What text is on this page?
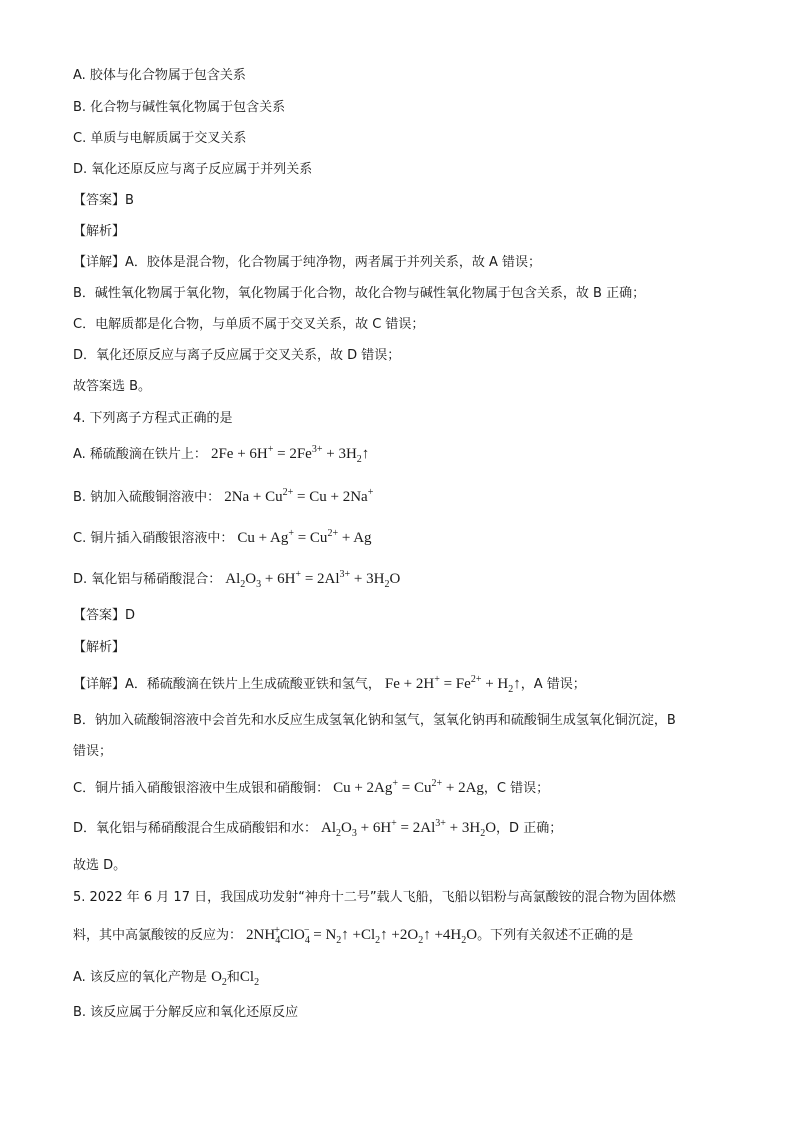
A. 胶体与化合物属于包含关系
B. 化合物与碱性氧化物属于包含关系
C. 单质与电解质属于交叉关系
D. 氧化还原反应与离子反应属于并列关系
【答案】B
【解析】
【详解】A．胶体是混合物，化合物属于纯净物，两者属于并列关系，故 A 错误；
B．碱性氧化物属于氧化物，氧化物属于化合物，故化合物与碱性氧化物属于包含关系，故 B 正确；
C．电解质都是化合物，与单质不属于交叉关系，故 C 错误；
D．氧化还原反应与离子反应属于交叉关系，故 D 错误；
故答案选 B。
4. 下列离子方程式正确的是
A. 稀硫酸滴在铁片上： $2Fe + 6H^+ = 2Fe^{3+}$ + $3H_2↑$
B. 钠加入硫酸铜溶液中： $2Na + Cu^{2+} = Cu + 2Na^+$
C. 铜片插入硝酸银溶液中： $Cu + Ag^+ = Cu^{2+} + Ag$
D. 氧化铝与稀硝酸混合： $Al_2O_3 + 6H^+ = 2Al^{3+} + 3H_2O$
【答案】D
【解析】
【详解】A．稀硫酸滴在铁片上生成硫酸亚铁和氢气， $Fe + 2H^+ = Fe^{2+}$ + $H_2↑$，A 错误；
B．钠加入硫酸铜溶液中会首先和水反应生成氢氧化钠和氢气，氢氧化钠再和硫酸铜生成氢氧化铜沉淀，B
错误；
C．铜片插入硝酸银溶液中生成银和硝酸铜： $Cu + 2Ag^+ = Cu^{2+} + 2Ag$，C 错误；
D．氧化铝与稀硝酸混合生成硝酸铝和水： $Al_2O_3 + 6H^+ = 2Al^{3+} + 3H_2O$，D 正确；
故选 D。
5. 2022 年 6 月 17 日，我国成功发射“神舟十二号”载人飞船，飞船以铝粉与高氯酸铵的混合物为固体燃
料，其中高氯酸铵的反应为： $2NH_4^+ClO_4^-$ = $N_2↑$ $+Cl_2↑$ $+2O_2↑ +4H_2O$。下列有关叙述不正确的是
A. 该反应的氧化产物是 $O_2$和$Cl_2$
B. 该反应属于分解反应和氧化还原反应
